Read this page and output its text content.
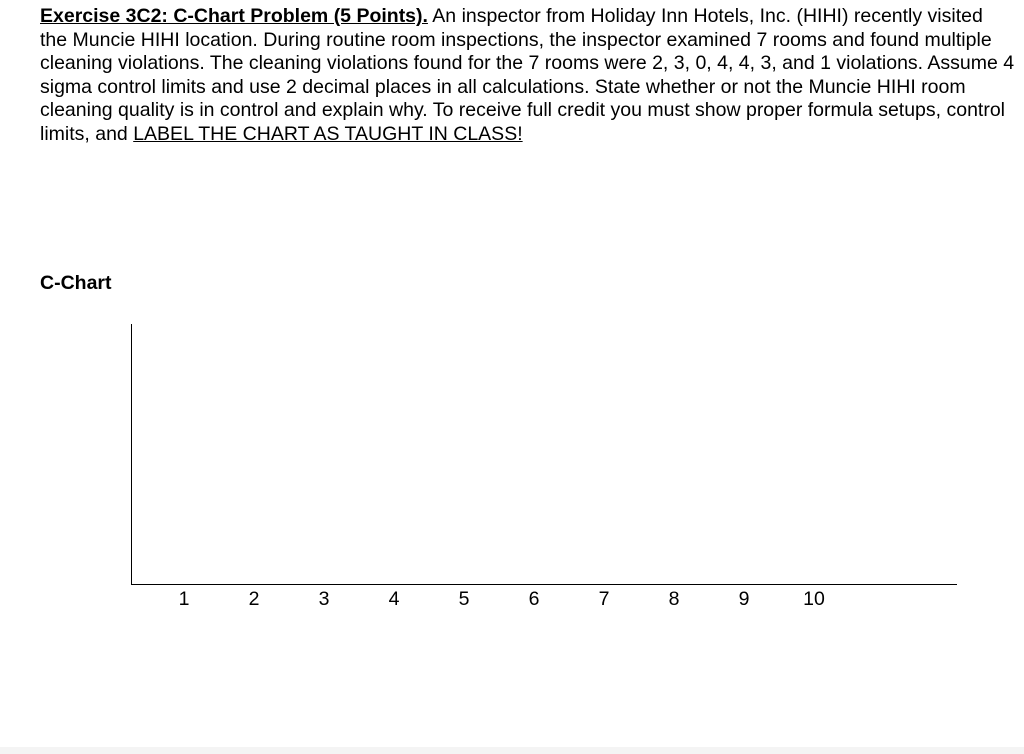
Exercise 3C2: C-Chart Problem (5 Points). An inspector from Holiday Inn Hotels, Inc. (HIHI) recently visited the Muncie HIHI location. During routine room inspections, the inspector examined 7 rooms and found multiple cleaning violations. The cleaning violations found for the 7 rooms were 2, 3, 0, 4, 4, 3, and 1 violations. Assume 4 sigma control limits and use 2 decimal places in all calculations. State whether or not the Muncie HIHI room cleaning quality is in control and explain why. To receive full credit you must show proper formula setups, control limits, and LABEL THE CHART AS TAUGHT IN CLASS!

C-Chart

1	2	3	4	5	6	7	8	9	10
